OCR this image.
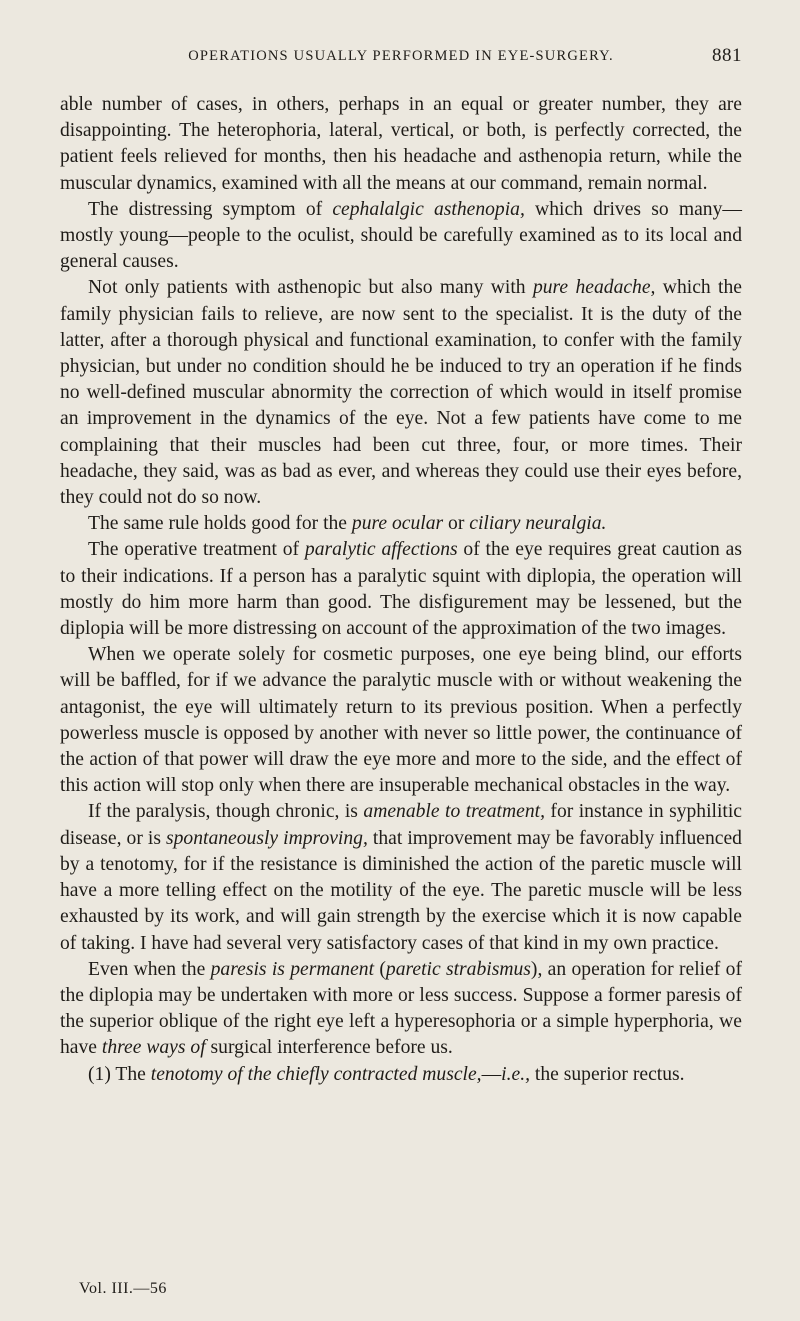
OPERATIONS USUALLY PERFORMED IN EYE-SURGERY.	881

able number of cases, in others, perhaps in an equal or greater number, they are disappointing. The heterophoria, lateral, vertical, or both, is perfectly corrected, the patient feels relieved for months, then his headache and asthenopia return, while the muscular dynamics, examined with all the means at our command, remain normal.

The distressing symptom of cephalalgic asthenopia, which drives so many—mostly young—people to the oculist, should be carefully examined as to its local and general causes.

Not only patients with asthenopic but also many with pure headache, which the family physician fails to relieve, are now sent to the specialist. It is the duty of the latter, after a thorough physical and functional examination, to confer with the family physician, but under no condition should he be induced to try an operation if he finds no well-defined muscular abnormity the correction of which would in itself promise an improvement in the dynamics of the eye. Not a few patients have come to me complaining that their muscles had been cut three, four, or more times. Their headache, they said, was as bad as ever, and whereas they could use their eyes before, they could not do so now.

The same rule holds good for the pure ocular or ciliary neuralgia.

The operative treatment of paralytic affections of the eye requires great caution as to their indications. If a person has a paralytic squint with diplopia, the operation will mostly do him more harm than good. The disfigurement may be lessened, but the diplopia will be more distressing on account of the approximation of the two images.

When we operate solely for cosmetic purposes, one eye being blind, our efforts will be baffled, for if we advance the paralytic muscle with or without weakening the antagonist, the eye will ultimately return to its previous position. When a perfectly powerless muscle is opposed by another with never so little power, the continuance of the action of that power will draw the eye more and more to the side, and the effect of this action will stop only when there are insuperable mechanical obstacles in the way.

If the paralysis, though chronic, is amenable to treatment, for instance in syphilitic disease, or is spontaneously improving, that improvement may be favorably influenced by a tenotomy, for if the resistance is diminished the action of the paretic muscle will have a more telling effect on the motility of the eye. The paretic muscle will be less exhausted by its work, and will gain strength by the exercise which it is now capable of taking. I have had several very satisfactory cases of that kind in my own practice.

Even when the paresis is permanent (paretic strabismus), an operation for relief of the diplopia may be undertaken with more or less success. Suppose a former paresis of the superior oblique of the right eye left a hyperesophoria or a simple hyperphoria, we have three ways of surgical interference before us.

(1) The tenotomy of the chiefly contracted muscle,—i.e., the superior rectus.

Vol. III.—56
